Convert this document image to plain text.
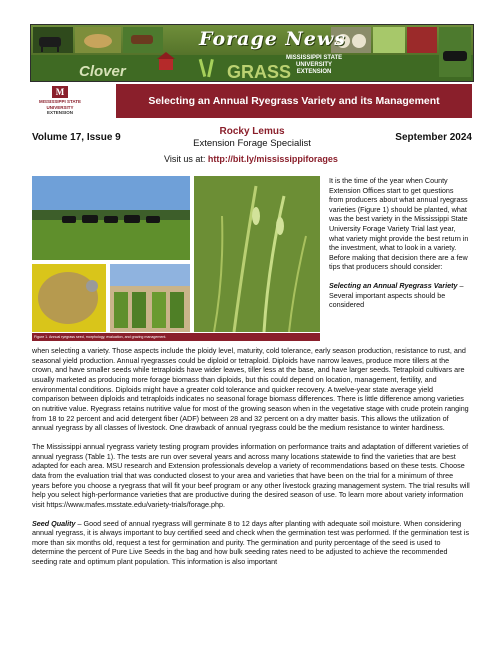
Forage News
Clover	GRASS
MISSISSIPPI STATE
UNIVERSITY
EXTENSION
M
MISSISSIPPI STATE
UNIVERSITY
EXTENSION
Selecting an Annual Ryegrass Variety and its Management
Volume 17, Issue 9
Rocky Lemus
Extension Forage Specialist
September 2024
Visit us at: http://bit.ly/mississippiforages
Figure 1. Annual ryegrass seed, morphology, evaluation, and grazing management.
It is the time of the year when County Extension Offices start to get questions from producers about what annual ryegrass varieties (Figure 1) should be planted, what was the best variety in the Mississippi State University Forage Variety Trial last year, what variety might provide the best return in the investment, what to look in a variety. Before making that decision there are a few tips that producers should consider:
Selecting an Annual Ryegrass Variety – Several important aspects should be considered

when selecting a variety. Those aspects include the ploidy level, maturity, cold tolerance, early season production, resistance to rust, and seasonal yield production. Annual ryegrasses could be diploid or tetraploid. Diploids have narrow leaves, produce more tillers at the crown, and have smaller seeds while tetraploids have wider leaves, tiller less at the base, and have larger seeds. Tetraploid cultivars are usually marketed as producing more forage biomass than diploids, but this could depend on location, management, fertility, and environmental conditions. Diploids might have a greater cold tolerance and quicker recovery. A twelve-year state average yield comparison between diploids and tetraploids indicates no seasonal forage biomass differences. There is little difference among varieties on nutritive value. Ryegrass retains nutritive value for most of the growing season when in the vegetative stage with crude protein ranging from 18 to 22 percent and acid detergent fiber (ADF) between 28 and 32 percent on a dry matter basis. This allows the utilization of annual ryegrass by all classes of livestock. One drawback of annual ryegrass could be the medium resistance to winter hardiness.

The Mississippi annual ryegrass variety testing program provides information on performance traits and adaptation of different varieties of annual ryegrass (Table 1). The tests are run over several years and across many locations statewide to find the varieties that are best adapted for each area. MSU research and Extension professionals develop a variety of recommendations based on these tests. Choose data from the evaluation trial that was conducted closest to your area and varieties that have been on the trial for a minimum of three years before you choose a ryegrass that will fit your beef program or any other livestock grazing management system. The trial results will help you select high-performance varieties that are productive during the desired season of use. To learn more about variety information visit https://www.mafes.msstate.edu/variety-trials/forage.php.

Seed Quality – Good seed of annual ryegrass will germinate 8 to 12 days after planting with adequate soil moisture. When considering annual ryegrass, it is always important to buy certified seed and check when the germination test was performed. If the germination test is more than six months old, request a test for germination and purity. The germination and purity percentage of the seed is used to determine the percent of Pure Live Seeds in the bag and how bulk seeding rates need to be adjusted to achieve the recommended seeding rate and optimum plant population. This information is also important
